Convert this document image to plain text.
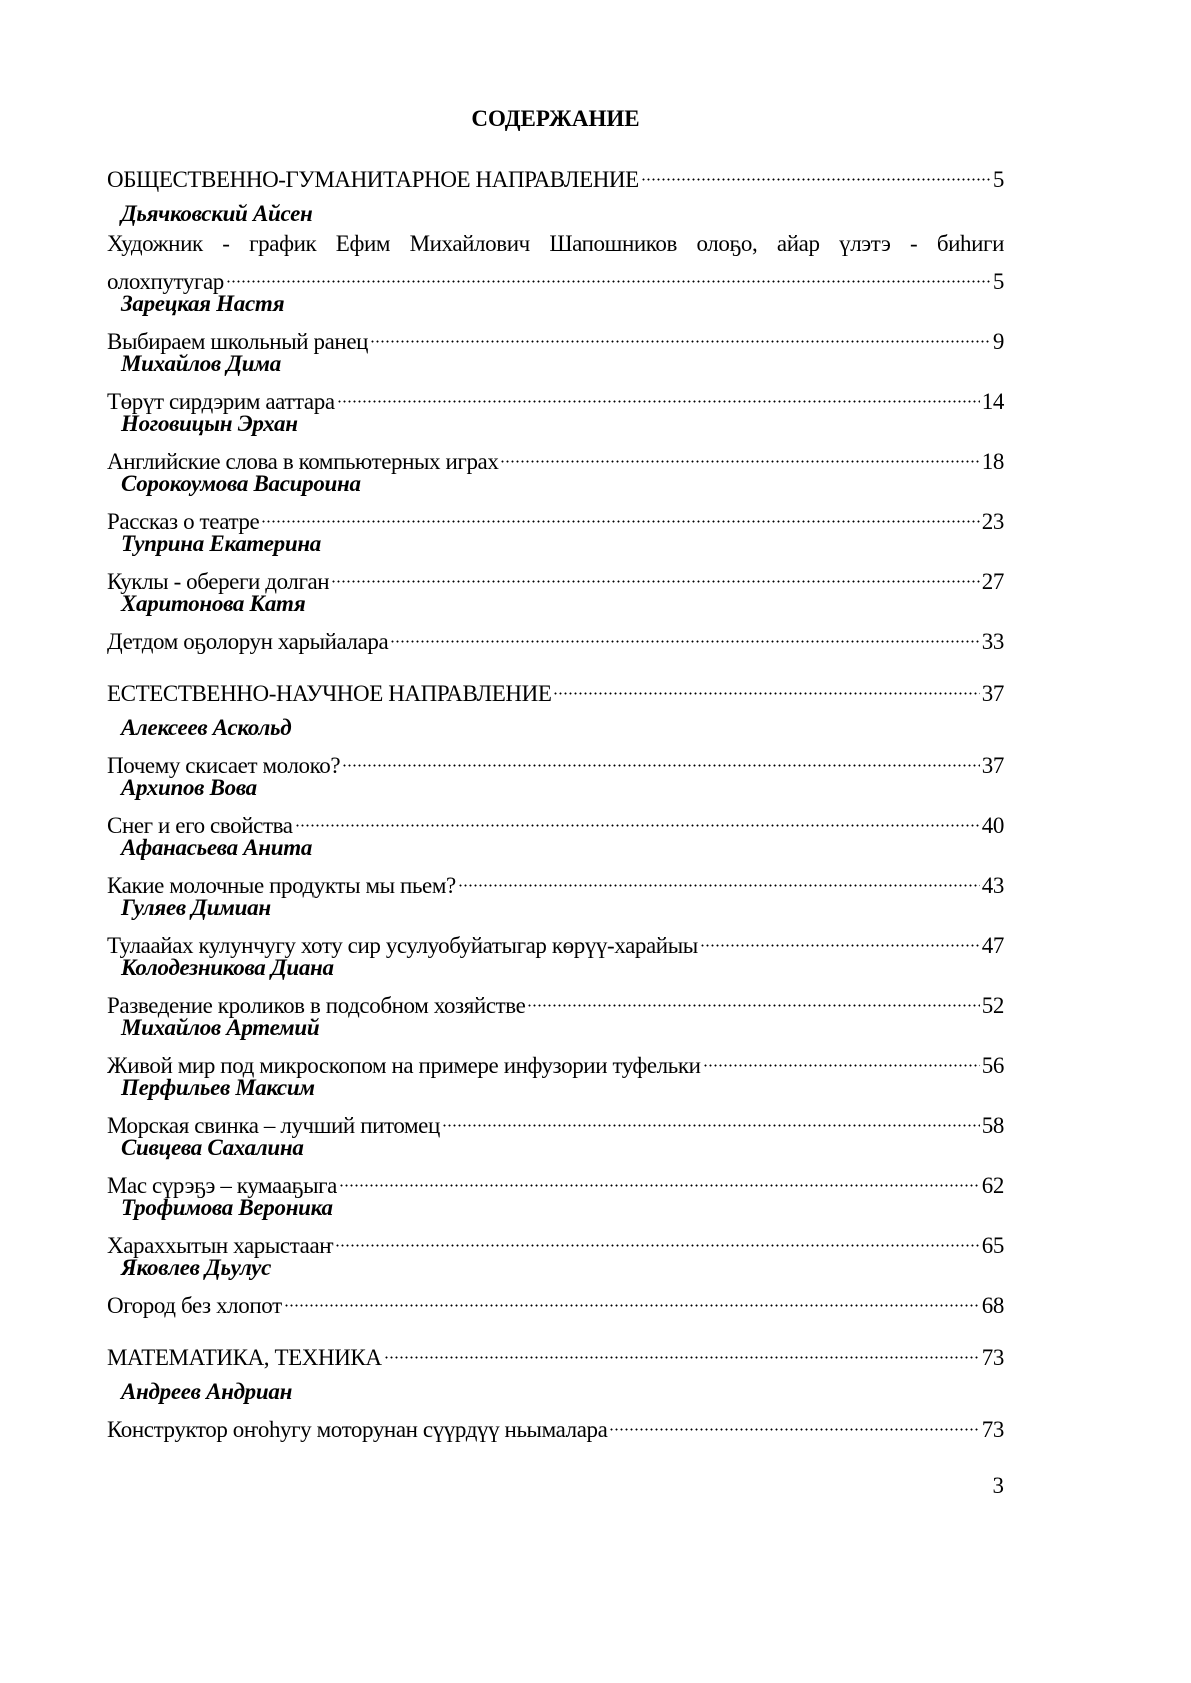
СОДЕРЖАНИЕ
ОБЩЕСТВЕННО-ГУМАНИТАРНОЕ НАПРАВЛЕНИЕ	5
Дьячковский Айсен
Художник - график Ефим Михайлович Шапошников олоҕо, айар үлэтэ - биһиги
олохпутугар	5
Зарецкая Настя
Выбираем школьный ранец	9
Михайлов Дима
Төрүт сирдэрим ааттара	14
Ноговицын Эрхан
Английские слова в компьютерных играх	18
Сорокоумова Васироина
Рассказ о театре	23
Туприна Екатерина
Куклы - обереги долган	27
Харитонова Катя
Детдом оҕолорун харыйалара	33
ЕСТЕСТВЕННО-НАУЧНОЕ НАПРАВЛЕНИЕ	37
Алексеев Аскольд
Почему скисает молоко?	37
Архипов Вова
Снег и его свойства	40
Афанасьева Анита
Какие молочные продукты мы пьем?	43
Гуляев Димиан
Тулаайах кулунчугу хоту сир усулуобуйатыгар көрүү-харайыы	47
Колодезникова Диана
Разведение кроликов в подсобном хозяйстве	52
Михайлов Артемий
Живой мир под микроскопом на примере инфузории туфельки	56
Перфильев Максим
Морская свинка – лучший питомец	58
Сивцева Сахалина
Мас сүрэҕэ – кумааҕыга	62
Трофимова Вероника
Хараххытын харыстааҥ	65
Яковлев Дьулус
Огород без хлопот	68
МАТЕМАТИКА, ТЕХНИКА	73
Андреев Андриан
Конструктор оҥоһугу моторунан сүүрдүү ньымалара	73
3
